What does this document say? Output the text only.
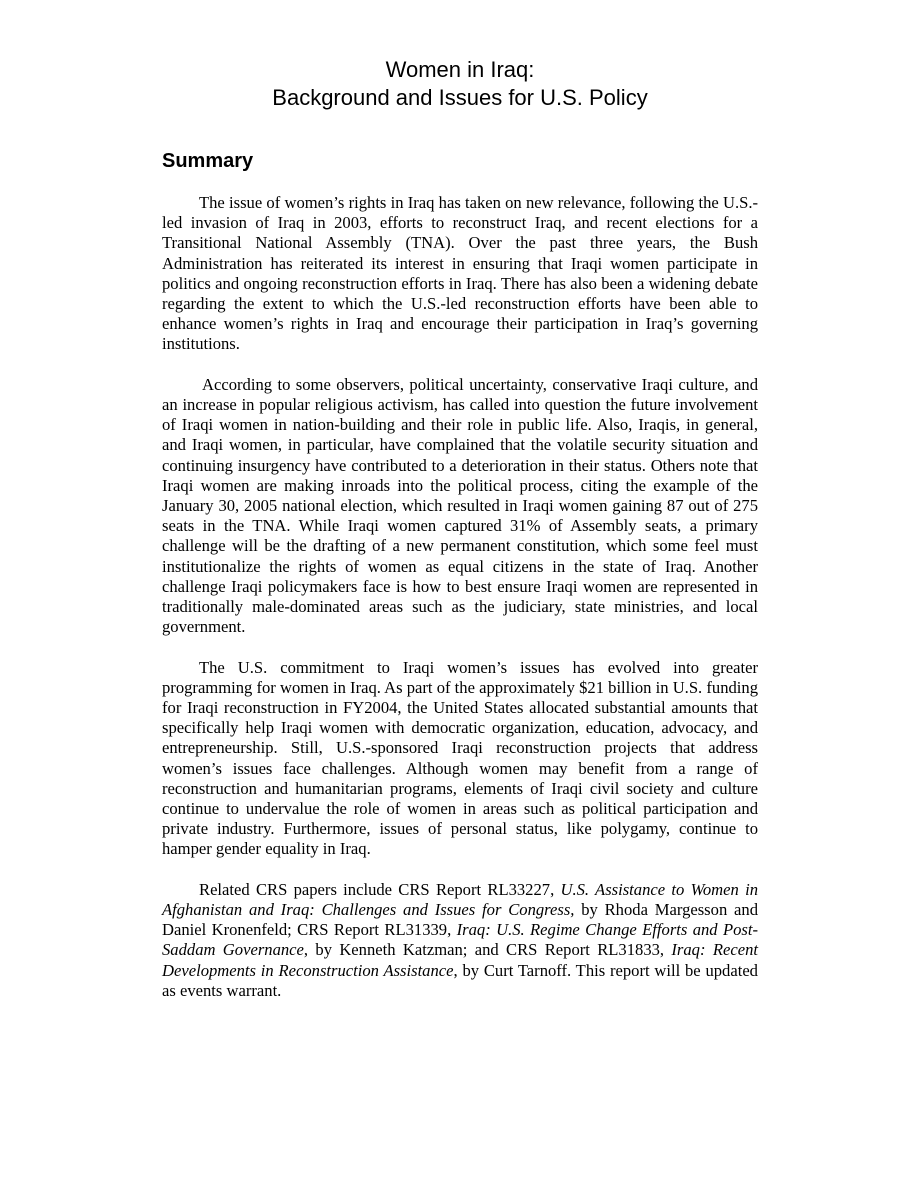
Women in Iraq:
Background and Issues for U.S. Policy
Summary

The issue of women’s rights in Iraq has taken on new relevance, following the U.S.-led invasion of Iraq in 2003, efforts to reconstruct Iraq, and recent elections for a Transitional National Assembly (TNA). Over the past three years, the Bush Administration has reiterated its interest in ensuring that Iraqi women participate in politics and ongoing reconstruction efforts in Iraq. There has also been a widening debate regarding the extent to which the U.S.-led reconstruction efforts have been able to enhance women’s rights in Iraq and encourage their participation in Iraq’s governing institutions.

According to some observers, political uncertainty, conservative Iraqi culture, and an increase in popular religious activism, has called into question the future involvement of Iraqi women in nation-building and their role in public life. Also, Iraqis, in general, and Iraqi women, in particular, have complained that the volatile security situation and continuing insurgency have contributed to a deterioration in their status. Others note that Iraqi women are making inroads into the political process, citing the example of the January 30, 2005 national election, which resulted in Iraqi women gaining 87 out of 275 seats in the TNA. While Iraqi women captured 31% of Assembly seats, a primary challenge will be the drafting of a new permanent constitution, which some feel must institutionalize the rights of women as equal citizens in the state of Iraq. Another challenge Iraqi policymakers face is how to best ensure Iraqi women are represented in traditionally male-dominated areas such as the judiciary, state ministries, and local government.

The U.S. commitment to Iraqi women’s issues has evolved into greater programming for women in Iraq. As part of the approximately $21 billion in U.S. funding for Iraqi reconstruction in FY2004, the United States allocated substantial amounts that specifically help Iraqi women with democratic organization, education, advocacy, and entrepreneurship. Still, U.S.-sponsored Iraqi reconstruction projects that address women’s issues face challenges. Although women may benefit from a range of reconstruction and humanitarian programs, elements of Iraqi civil society and culture continue to undervalue the role of women in areas such as political participation and private industry. Furthermore, issues of personal status, like polygamy, continue to hamper gender equality in Iraq.

Related CRS papers include CRS Report RL33227, U.S. Assistance to Women in Afghanistan and Iraq: Challenges and Issues for Congress, by Rhoda Margesson and Daniel Kronenfeld; CRS Report RL31339, Iraq: U.S. Regime Change Efforts and Post-Saddam Governance, by Kenneth Katzman; and CRS Report RL31833, Iraq: Recent Developments in Reconstruction Assistance, by Curt Tarnoff. This report will be updated as events warrant.
